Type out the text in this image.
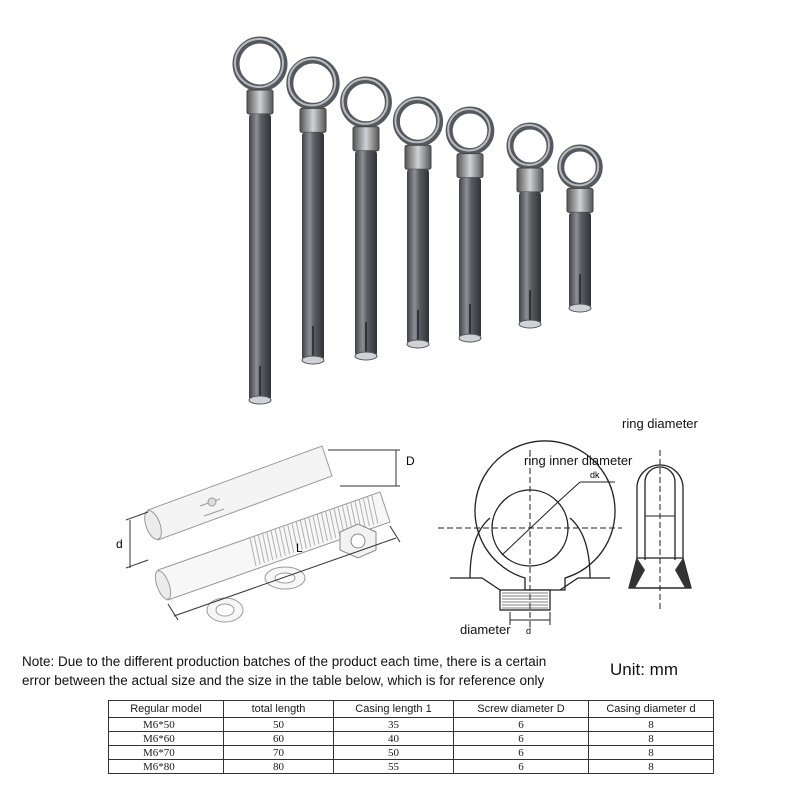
D
d	L
dk
d
ring diameter
ring inner diameter
diameter
Note: Due to the different production batches of the product each time, there is a certain
error between the actual size and the size in the table below, which is for reference only
Unit: mm
Regular model	total length	Casing length 1	Screw diameter D	Casing diameter d
M6*50	50	35	6	8
M6*60	60	40	6	8
M6*70	70	50	6	8
M6*80	80	55	6	8
